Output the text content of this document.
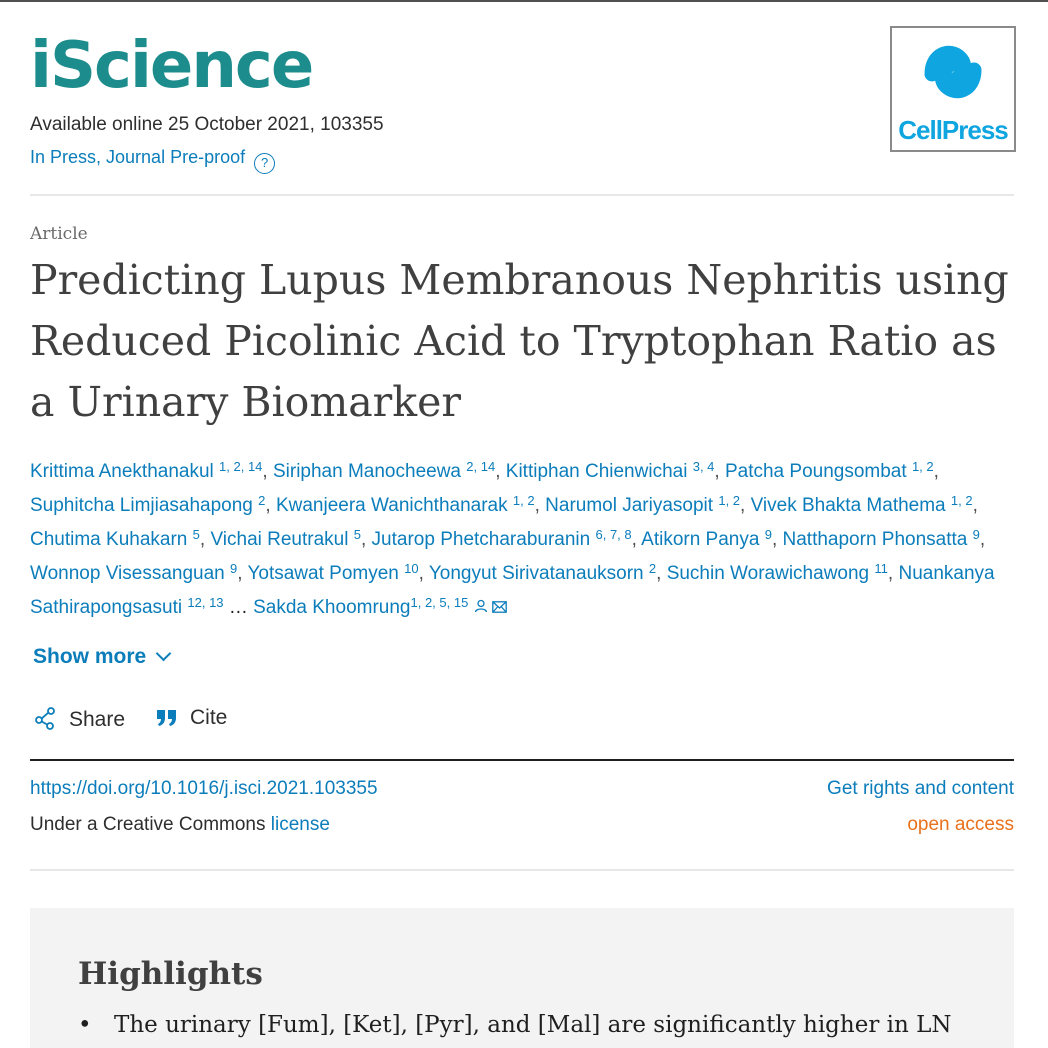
iScience
Available online 25 October 2021, 103355
In Press, Journal Pre-proof ?
CellPress
Article
Predicting Lupus Membranous Nephritis using Reduced Picolinic Acid to Tryptophan Ratio as a Urinary Biomarker
Krittima Anekthanakul $^{1, 2, 14}$, Siriphan Manocheewa $^{2, 14}$, Kittiphan Chienwichai $^{3, 4}$, Patcha Poungsombat $^{1, 2}$, Suphitcha Limjiasahapong $^2$, Kwanjeera Wanichthanarak $^{1, 2}$, Narumol Jariyasopit $^{1, 2}$, Vivek Bhakta Mathema $^{1, 2}$, Chutima Kuhakarn $^5$, Vichai Reutrakul $^5$, Jutarop Phetcharaburanin $^{6, 7, 8}$, Atikorn Panya $^9$, Natthaporn Phonsatta $^9$, Wonnop Visessanguan $^9$, Yotsawat Pomyen $^{10}$, Yongyut Sirivatanauksorn $^2$, Suchin Worawichawong $^{11}$, Nuankanya Sathirapongsasuti $^{12, 13}$ … Sakda Khoomrung$^{1, 2, 5, 15}$
Show more
Share	Cite
https://doi.org/10.1016/j.isci.2021.103355
Under a Creative Commons license
Get rights and content
open access
Highlights
• The urinary [Fum], [Ket], [Pyr], and [Mal] are significantly higher in LN
